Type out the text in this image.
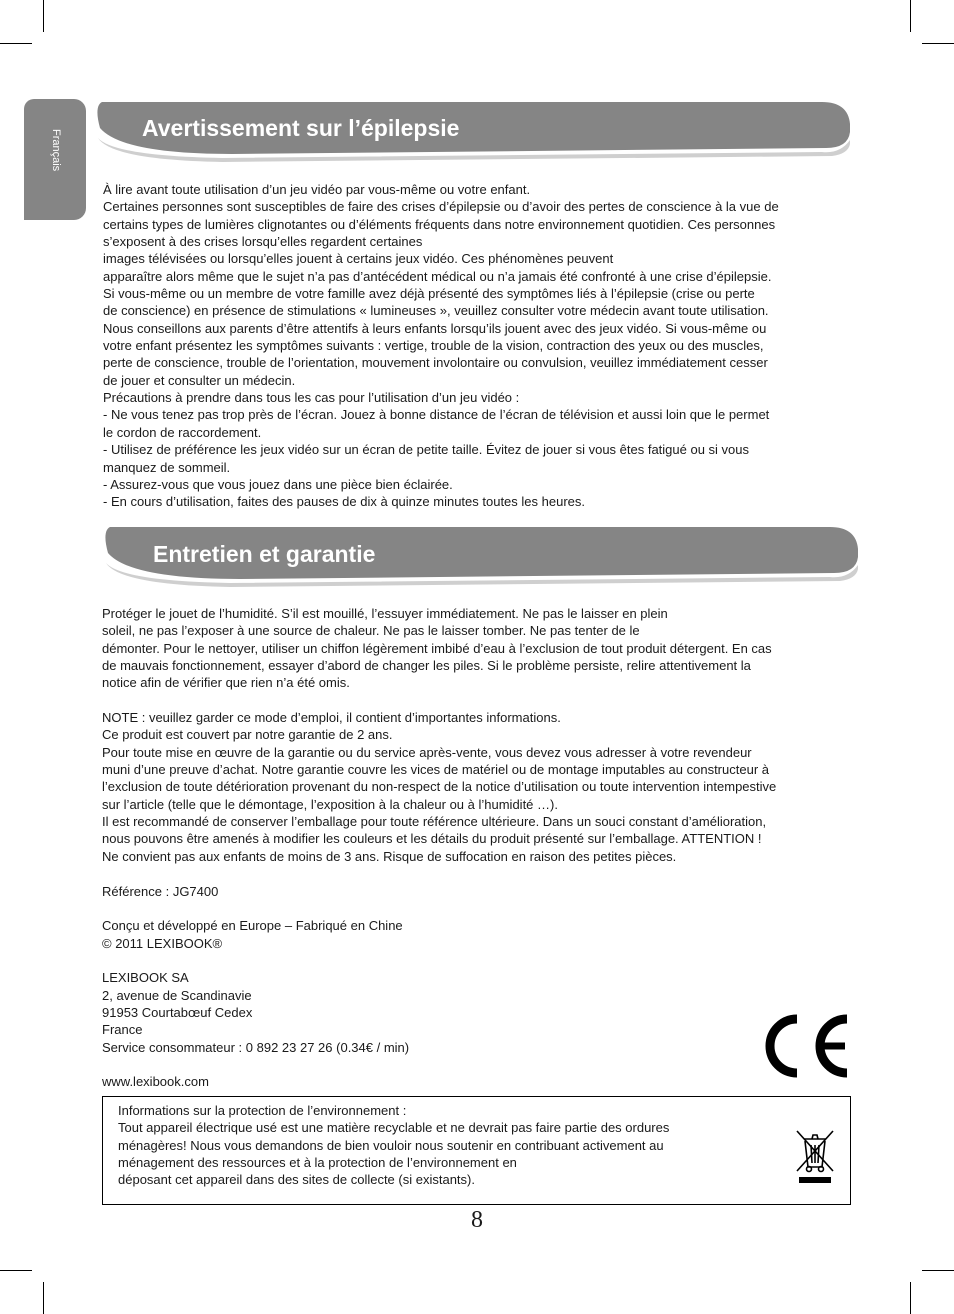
Français
Avertissement sur l’épilepsie

À lire avant toute utilisation d’un jeu vidéo par vous-même ou votre enfant.

Certaines personnes sont susceptibles de faire des crises d’épilepsie ou d’avoir des pertes de conscience à la vue de

certains types de lumières clignotantes ou d’éléments fréquents dans notre environnement quotidien. Ces personnes

s’exposent à des crises lorsqu’elles regardent certaines

images télévisées ou lorsqu’elles jouent à certains jeux vidéo. Ces phénomènes peuvent

apparaître alors même que le sujet n’a pas d’antécédent médical ou n’a jamais été confronté à une crise d’épilepsie.

Si vous-même ou un membre de votre famille avez déjà présenté des symptômes liés à l’épilepsie (crise ou perte

de conscience) en présence de stimulations « lumineuses », veuillez consulter votre médecin avant toute utilisation.

Nous conseillons aux parents d’être attentifs à leurs enfants lorsqu’ils jouent avec des jeux vidéo. Si vous-même ou

votre enfant présentez les symptômes suivants : vertige, trouble de la vision, contraction des yeux ou des muscles,

perte de conscience, trouble de l’orientation, mouvement involontaire ou convulsion, veuillez immédiatement cesser

de jouer et consulter un médecin.

Précautions à prendre dans tous les cas pour l’utilisation d’un jeu vidéo :

- Ne vous tenez pas trop près de l’écran. Jouez à bonne distance de l’écran de télévision et aussi loin que le permet

le cordon de raccordement.

- Utilisez de préférence les jeux vidéo sur un écran de petite taille. Évitez de jouer si vous êtes fatigué ou si vous

manquez de sommeil.

- Assurez-vous que vous jouez dans une pièce bien éclairée.

- En cours d’utilisation, faites des pauses de dix à quinze minutes toutes les heures.

Entretien et garantie

Protéger le jouet de l’humidité. S’il est mouillé, l’essuyer immédiatement. Ne pas le laisser en plein

soleil, ne pas l’exposer à une source de chaleur. Ne pas le laisser tomber. Ne pas tenter de le

démonter. Pour le nettoyer, utiliser un chiffon légèrement imbibé d’eau à l’exclusion de tout produit détergent. En cas

de mauvais fonctionnement, essayer d’abord de changer les piles. Si le problème persiste, relire attentivement la

notice afin de vérifier que rien n’a été omis.

NOTE : veuillez garder ce mode d’emploi, il contient d’importantes informations.

Ce produit est couvert par notre garantie de 2 ans.

Pour toute mise en œuvre de la garantie ou du service après-vente, vous devez vous adresser à votre revendeur

muni d’une preuve d’achat. Notre garantie couvre les vices de matériel ou de montage imputables au constructeur à

l’exclusion de toute détérioration provenant du non-respect de la notice d’utilisation ou toute intervention intempestive

sur l’article (telle que le démontage, l’exposition à la chaleur ou à l’humidité …).

Il est recommandé de conserver l’emballage pour toute référence ultérieure. Dans un souci constant d’amélioration,

nous pouvons être amenés à modifier les couleurs et les détails du produit présenté sur l’emballage. ATTENTION !

Ne convient pas aux enfants de moins de 3 ans. Risque de suffocation en raison des petites pièces.

Référence : JG7400

Conçu et développé en Europe – Fabriqué en Chine

© 2011 LEXIBOOK®

LEXIBOOK SA

2, avenue de Scandinavie

91953 Courtabœuf Cedex

France

Service consommateur : 0 892 23 27 26 (0.34€ / min)

www.lexibook.com

Informations sur la protection de l’environnement :

Tout appareil électrique usé est une matière recyclable et ne devrait pas faire partie des ordures

ménagères! Nous vous demandons de bien vouloir nous soutenir en contribuant activement au

ménagement des ressources et à la protection de l’environnement en

déposant cet appareil dans des sites de collecte (si existants).

8
